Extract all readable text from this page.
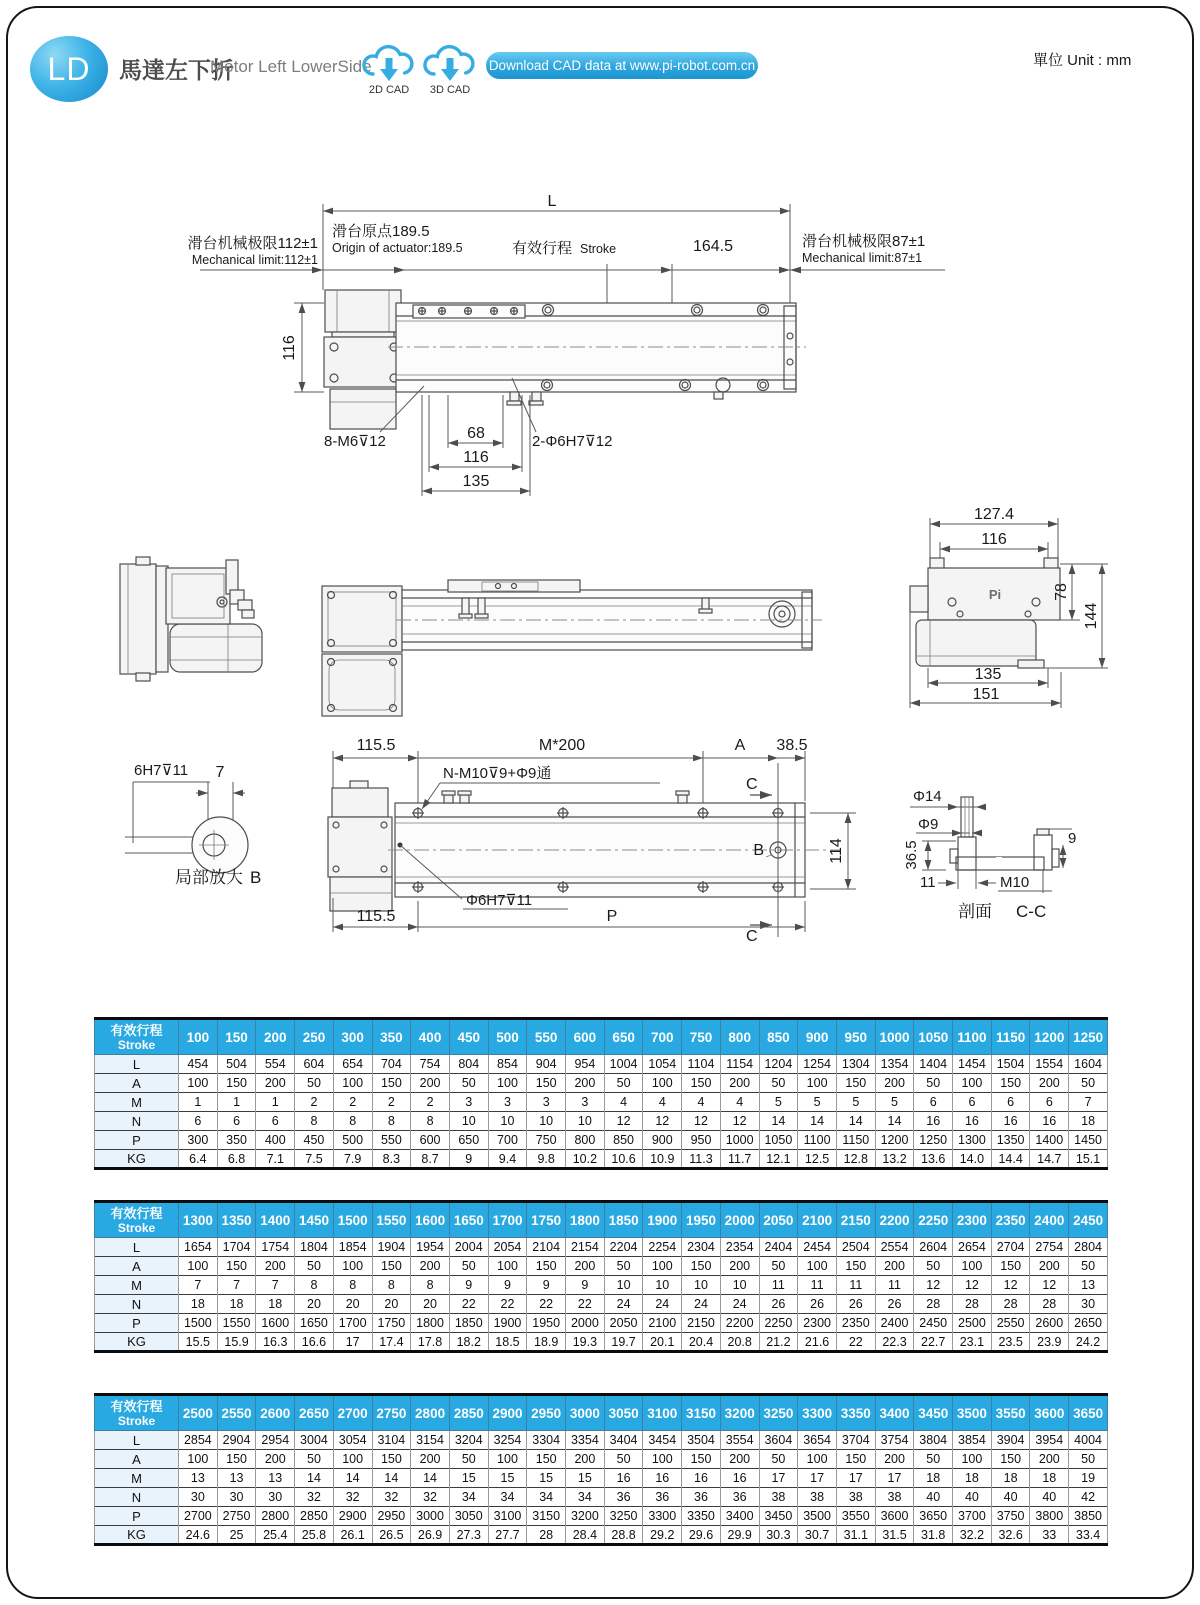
LD 馬達左下折
Motor Left LowerSide
2D CAD	3D CAD
Download CAD data at www.pi-robot.com.cn	單位 Unit : mm
L
滑台原点189.5
Origin of actuator:189.5
滑台机械极限112±1
Mechanical limit:112±1
有效行程 Stroke	164.5	滑台机械极限87±1
Mechanical limit:87±1
116
8-M6⊽12	2-Φ6H7⊽12
68
116
135
127.4
116
78
144
135
151
Pi
6H7⊽11 7
局部放大 B
115.5	M*200	A 38.5
C
C
B	114
N-M10⊽9+Φ9通
Φ6H7⊽11
115.5	P
Φ14
Φ9
36.5
9
11	M10
剖面 C-C
有效行程
Stroke	100	150	200	250	300	350	400	450	500	550	600	650	700	750	800	850	900	950	1000	1050	1100	1150	1200	1250
L	454	504	554	604	654	704	754	804	854	904	954	1004	1054	1104	1154	1204	1254	1304	1354	1404	1454	1504	1554	1604
A	100	150	200	50	100	150	200	50	100	150	200	50	100	150	200	50	100	150	200	50	100	150	200	50
M	1	1	1	2	2	2	2	3	3	3	3	4	4	4	4	5	5	5	5	6	6	6	6	7
N	6	6	6	8	8	8	8	10	10	10	10	12	12	12	12	14	14	14	14	16	16	16	16	18
P	300	350	400	450	500	550	600	650	700	750	800	850	900	950	1000	1050	1100	1150	1200	1250	1300	1350	1400	1450
KG	6.4	6.8	7.1	7.5	7.9	8.3	8.7	9	9.4	9.8	10.2	10.6	10.9	11.3	11.7	12.1	12.5	12.8	13.2	13.6	14.0	14.4	14.7	15.1
有效行程
Stroke	1300	1350	1400	1450	1500	1550	1600	1650	1700	1750	1800	1850	1900	1950	2000	2050	2100	2150	2200	2250	2300	2350	2400	2450
L	1654	1704	1754	1804	1854	1904	1954	2004	2054	2104	2154	2204	2254	2304	2354	2404	2454	2504	2554	2604	2654	2704	2754	2804
A	100	150	200	50	100	150	200	50	100	150	200	50	100	150	200	50	100	150	200	50	100	150	200	50
M	7	7	7	8	8	8	8	9	9	9	9	10	10	10	10	11	11	11	11	12	12	12	12	13
N	18	18	18	20	20	20	20	22	22	22	22	24	24	24	24	26	26	26	26	28	28	28	28	30
P	1500	1550	1600	1650	1700	1750	1800	1850	1900	1950	2000	2050	2100	2150	2200	2250	2300	2350	2400	2450	2500	2550	2600	2650
KG	15.5	15.9	16.3	16.6	17	17.4	17.8	18.2	18.5	18.9	19.3	19.7	20.1	20.4	20.8	21.2	21.6	22	22.3	22.7	23.1	23.5	23.9	24.2
有效行程
Stroke	2500	2550	2600	2650	2700	2750	2800	2850	2900	2950	3000	3050	3100	3150	3200	3250	3300	3350	3400	3450	3500	3550	3600	3650
L	2854	2904	2954	3004	3054	3104	3154	3204	3254	3304	3354	3404	3454	3504	3554	3604	3654	3704	3754	3804	3854	3904	3954	4004
A	100	150	200	50	100	150	200	50	100	150	200	50	100	150	200	50	100	150	200	50	100	150	200	50
M	13	13	13	14	14	14	14	15	15	15	15	16	16	16	16	17	17	17	17	18	18	18	18	19
N	30	30	30	32	32	32	32	34	34	34	34	36	36	36	36	38	38	38	38	40	40	40	40	42
P	2700	2750	2800	2850	2900	2950	3000	3050	3100	3150	3200	3250	3300	3350	3400	3450	3500	3550	3600	3650	3700	3750	3800	3850
KG	24.6	25	25.4	25.8	26.1	26.5	26.9	27.3	27.7	28	28.4	28.8	29.2	29.6	29.9	30.3	30.7	31.1	31.5	31.8	32.2	32.6	33	33.4
